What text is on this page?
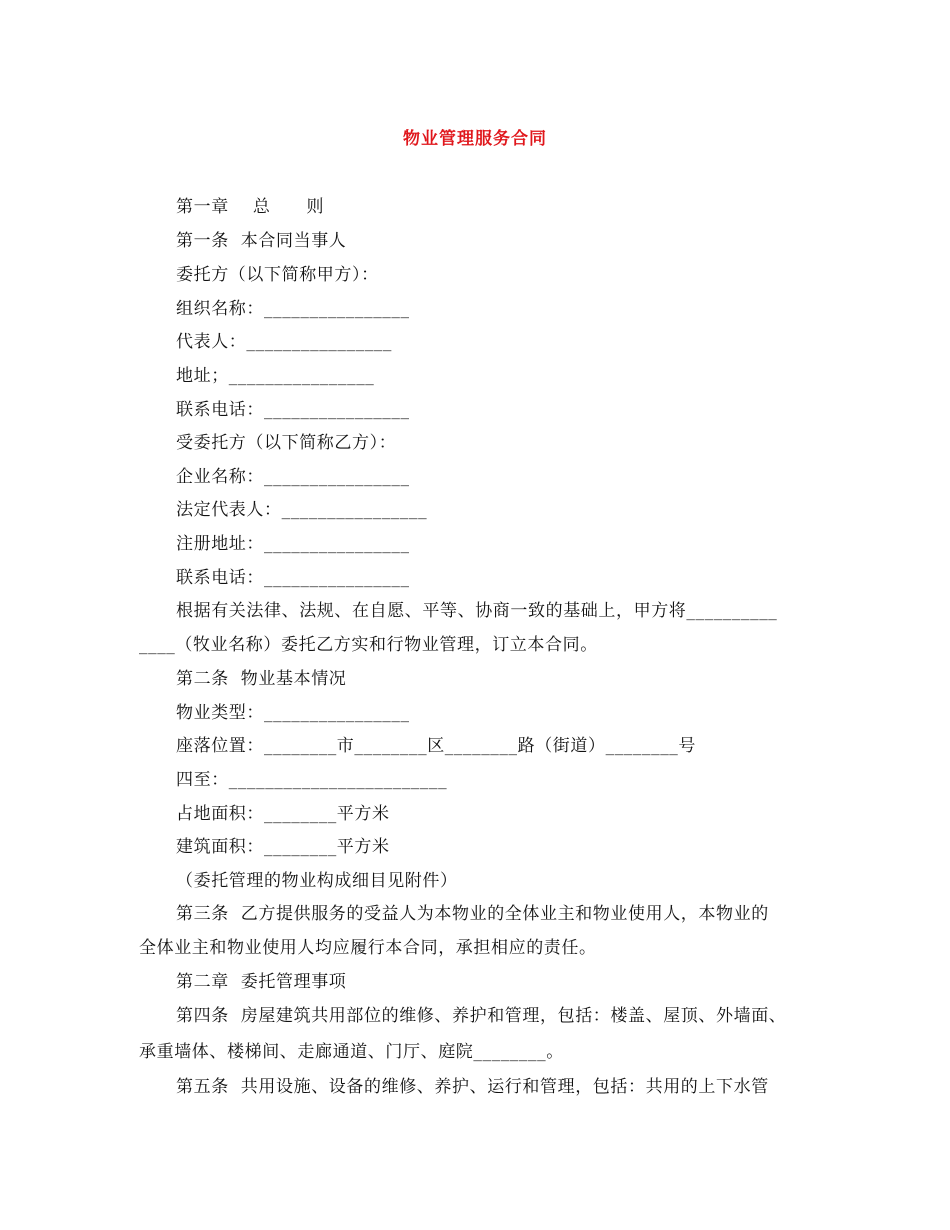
物业管理服务合同
第一章    总      则
第一条  本合同当事人
委托方（以下简称甲方）：
组织名称：________________
代表人：________________
地址；________________
联系电话：________________
受委托方（以下简称乙方）：
企业名称：________________
法定代表人：________________
注册地址：________________
联系电话：________________
根据有关法律、法规、在自愿、平等、协商一致的基础上，甲方将__________
____（牧业名称）委托乙方实和行物业管理，订立本合同。
第二条  物业基本情况
物业类型：________________
座落位置：________市________区________路（街道）________号
四至：________________________
占地面积：________平方米
建筑面积：________平方米
（委托管理的物业构成细目见附件）
第三条  乙方提供服务的受益人为本物业的全体业主和物业使用人，本物业的
全体业主和物业使用人均应履行本合同，承担相应的责任。
第二章  委托管理事项
第四条  房屋建筑共用部位的维修、养护和管理，包括：楼盖、屋顶、外墙面、
承重墙体、楼梯间、走廊通道、门厅、庭院________。
第五条  共用设施、设备的维修、养护、运行和管理，包括：共用的上下水管
